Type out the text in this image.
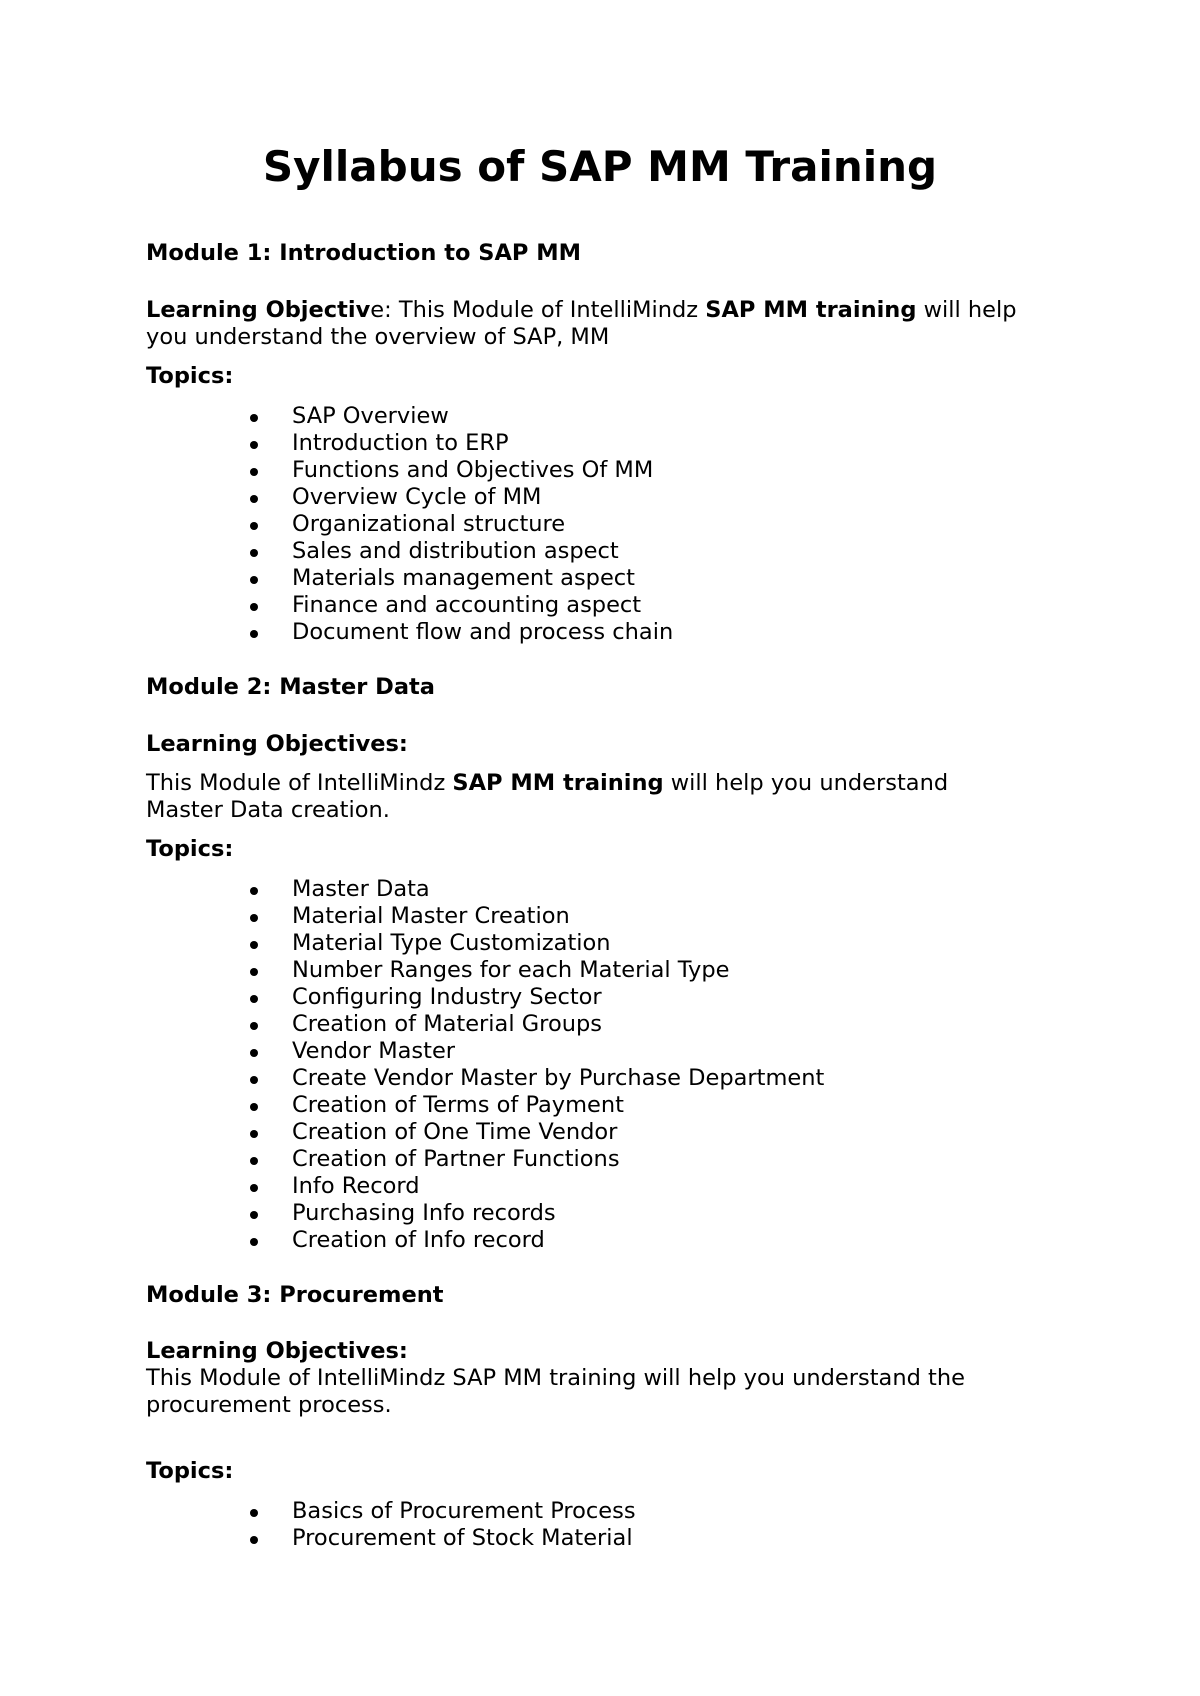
Syllabus of SAP MM Training

Module 1: Introduction to SAP MM

Learning Objective: This Module of IntelliMindz SAP MM training will help

you understand the overview of SAP, MM

Topics:

SAP Overview
Introduction to ERP
Functions and Objectives Of MM
Overview Cycle of MM
Organizational structure
Sales and distribution aspect
Materials management aspect
Finance and accounting aspect
Document flow and process chain

Module 2: Master Data

Learning Objectives:

This Module of IntelliMindz SAP MM training will help you understand

Master Data creation.

Topics:

Master Data
Material Master Creation
Material Type Customization
Number Ranges for each Material Type
Configuring Industry Sector
Creation of Material Groups
Vendor Master
Create Vendor Master by Purchase Department
Creation of Terms of Payment
Creation of One Time Vendor
Creation of Partner Functions
Info Record
Purchasing Info records
Creation of Info record

Module 3: Procurement

Learning Objectives:

This Module of IntelliMindz SAP MM training will help you understand the

procurement process.

Topics:

Basics of Procurement Process
Procurement of Stock Material
